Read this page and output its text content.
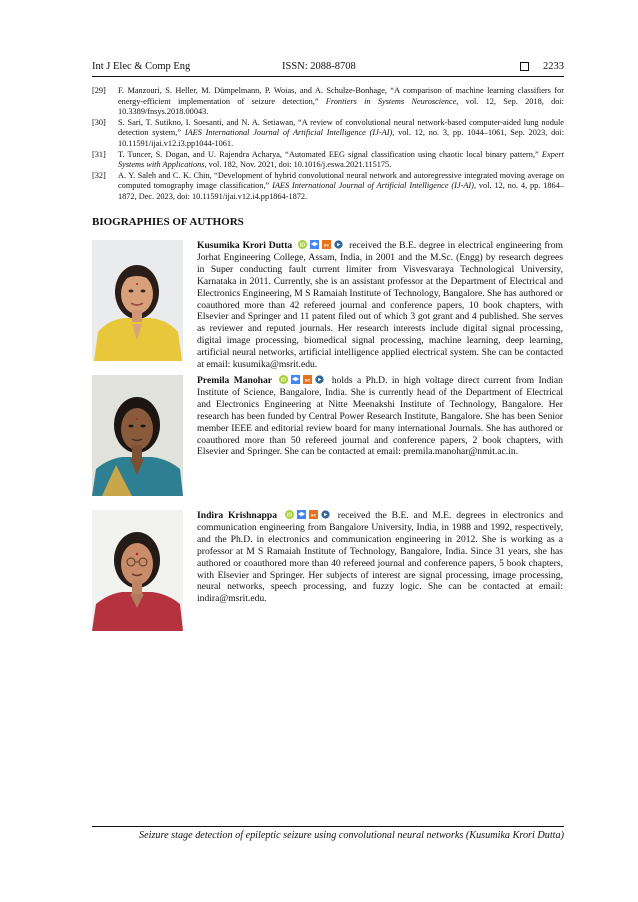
Int J Elec & Comp Eng	ISSN: 2088-8708	2233
[29] F. Manzouri, S. Heller, M. Dümpelmann, P. Woias, and A. Schulze-Bonhage, “A comparison of machine learning classifiers for energy-efficient implementation of seizure detection,” Frontiers in Systems Neuroscience, vol. 12, Sep. 2018, doi: 10.3389/fnsys.2018.00043.
[30] S. Sari, T. Sutikno, I. Soesanti, and N. A. Setiawan, “A review of convolutional neural network-based computer-aided lung nodule detection system,” IAES International Journal of Artificial Intelligence (IJ-AI), vol. 12, no. 3, pp. 1044–1061, Sep. 2023, doi: 10.11591/ijai.v12.i3.pp1044-1061.
[31] T. Tuncer, S. Dogan, and U. Rajendra Acharya, “Automated EEG signal classification using chaotic local binary pattern,” Expert Systems with Applications, vol. 182, Nov. 2021, doi: 10.1016/j.eswa.2021.115175.
[32] A. Y. Saleh and C. K. Chin, “Development of hybrid convolutional neural network and autoregressive integrated moving average on computed tomography image classification,” IAES International Journal of Artificial Intelligence (IJ-AI), vol. 12, no. 4, pp. 1864–1872, Dec. 2023, doi: 10.11591/ijai.v12.i4.pp1864-1872.
BIOGRAPHIES OF AUTHORS
Kusumika Krori Dutta iD	sc received the B.E. degree in electrical engineering from Jorhat Engineering College, Assam, India, in 2001 and the M.Sc. (Engg) by research degrees in Super conducting fault current limiter from Visvesvaraya Technological University, Karnataka in 2011. Currently, she is an assistant professor at the Department of Electrical and Electronics Engineering, M S Ramaiah Institute of Technology, Bangalore. She has authored or coauthored more than 42 refereed journal and conference papers, 10 book chapters, with Elsevier and Springer and 11 patent filed out of which 3 got grant and 4 published. She serves as reviewer and reputed journals. Her research interests include digital signal processing, digital image processing, biomedical signal processing, machine learning, deep learning, artificial neural networks, artificial intelligence applied electrical system. She can be contacted at email: kusumika@msrit.edu.
Premila Manohar iD	sc holds a Ph.D. in high voltage direct current from Indian Institute of Science, Bangalore, India. She is currently head of the Department of Electrical and Electronics Engineering at Nitte Meenakshi Institute of Technology, Bangalore. Her research has been funded by Central Power Research Institute, Bangalore. She has been Senior member IEEE and editorial review board for many international Journals. She has authored or coauthored more than 50 refereed journal and conference papers, 2 book chapters, with Elsevier and Springer. She can be contacted at email: premila.manohar@nmit.ac.in.
Indira Krishnappa iD	sc received the B.E. and M.E. degrees in electronics and communication engineering from Bangalore University, India, in 1988 and 1992, respectively, and the Ph.D. in electronics and communication engineering in 2012. She is working as a professor at M S Ramaiah Institute of Technology, Bangalore, India. Since 31 years, she has authored or coauthored more than 40 refereed journal and conference papers, 5 book chapters, with Elsevier and Springer. Her subjects of interest are signal processing, image processing, neural networks, speech processing, and fuzzy logic. She can be contacted at email: indira@msrit.edu.
Seizure stage detection of epileptic seizure using convolutional neural networks (Kusumika Krori Dutta)
